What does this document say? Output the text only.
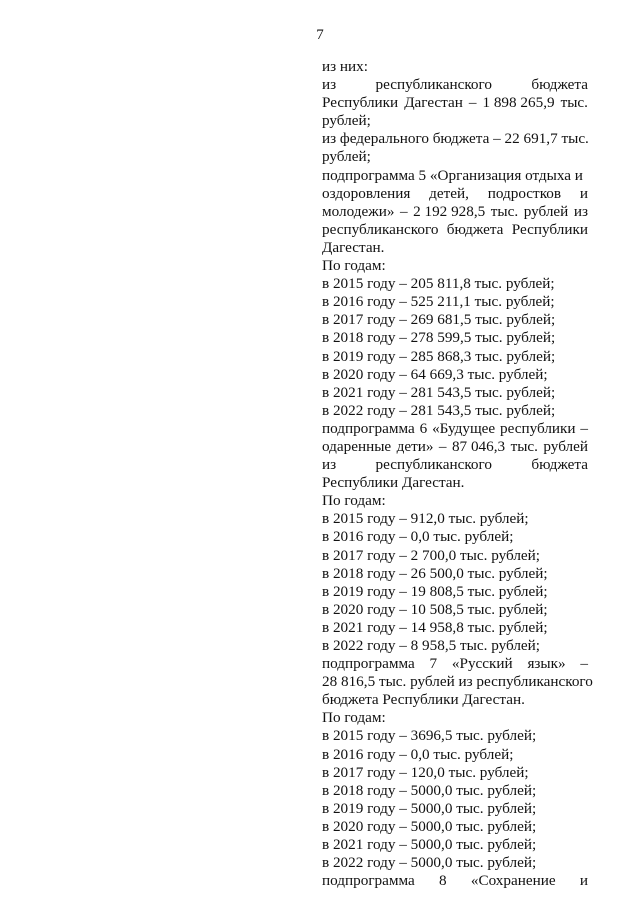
7
из них:
из	республиканского	бюджета
Республики Дагестан – 1 898 265,9 тыс.
рублей;
из федерального бюджета – 22 691,7 тыс.
рублей;
подпрограмма 5 «Организация отдыха и
оздоровления детей, подростков и
молодежи» – 2 192 928,5 тыс. рублей из
республиканского бюджета Республики
Дагестан.
По годам:
в 2015 году – 205 811,8 тыс. рублей;
в 2016 году – 525 211,1 тыс. рублей;
в 2017 году – 269 681,5 тыс. рублей;
в 2018 году – 278 599,5 тыс. рублей;
в 2019 году – 285 868,3 тыс. рублей;
в 2020 году – 64 669,3 тыс. рублей;
в 2021 году – 281 543,5 тыс. рублей;
в 2022 году – 281 543,5 тыс. рублей;
подпрограмма 6 «Будущее республики –
одаренные дети» – 87 046,3 тыс. рублей
из	республиканского	бюджета
Республики Дагестан.
По годам:
в 2015 году – 912,0 тыс. рублей;
в 2016 году – 0,0 тыс. рублей;
в 2017 году – 2 700,0 тыс. рублей;
в 2018 году – 26 500,0 тыс. рублей;
в 2019 году – 19 808,5 тыс. рублей;
в 2020 году – 10 508,5 тыс. рублей;
в 2021 году – 14 958,8 тыс. рублей;
в 2022 году – 8 958,5 тыс. рублей;
подпрограмма 7 «Русский язык» –
28 816,5 тыс. рублей из республиканского
бюджета Республики Дагестан.
По годам:
в 2015 году – 3696,5 тыс. рублей;
в 2016 году – 0,0 тыс. рублей;
в 2017 году – 120,0 тыс. рублей;
в 2018 году – 5000,0 тыс. рублей;
в 2019 году – 5000,0 тыс. рублей;
в 2020 году – 5000,0 тыс. рублей;
в 2021 году – 5000,0 тыс. рублей;
в 2022 году – 5000,0 тыс. рублей;
подпрограмма 8 «Сохранение и
